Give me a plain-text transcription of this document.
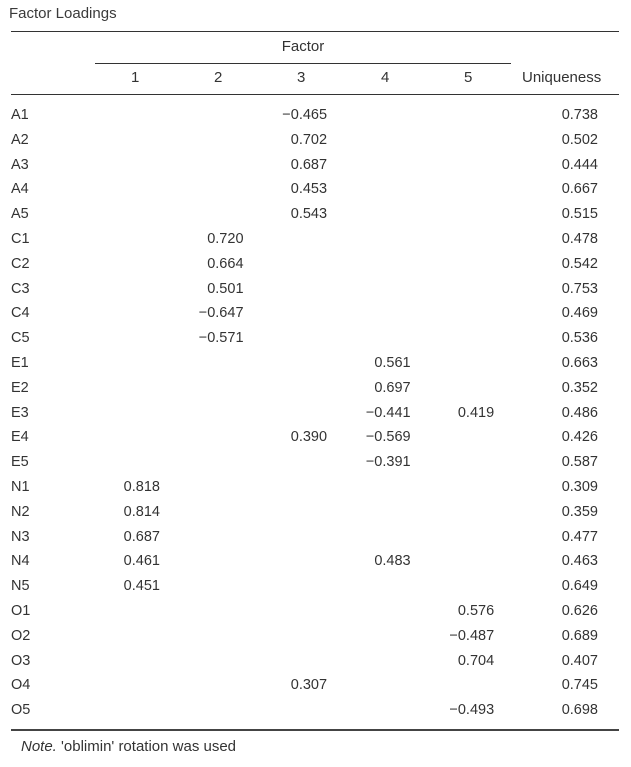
Factor Loadings
Factor
1	2	3	4	5	Uniqueness
A1			−0.465			0.738
A2			0.702			0.502
A3			0.687			0.444
A4			0.453			0.667
A5			0.543			0.515
C1		0.720				0.478
C2		0.664				0.542
C3		0.501				0.753
C4		−0.647				0.469
C5		−0.571				0.536
E1				0.561		0.663
E2				0.697		0.352
E3				−0.441	0.419	0.486
E4			0.390	−0.569		0.426
E5				−0.391		0.587
N1	0.818					0.309
N2	0.814					0.359
N3	0.687					0.477
N4	0.461			0.483		0.463
N5	0.451					0.649
O1					0.576	0.626
O2					−0.487	0.689
O3					0.704	0.407
O4			0.307			0.745
O5					−0.493	0.698
Note. 'oblimin' rotation was used
